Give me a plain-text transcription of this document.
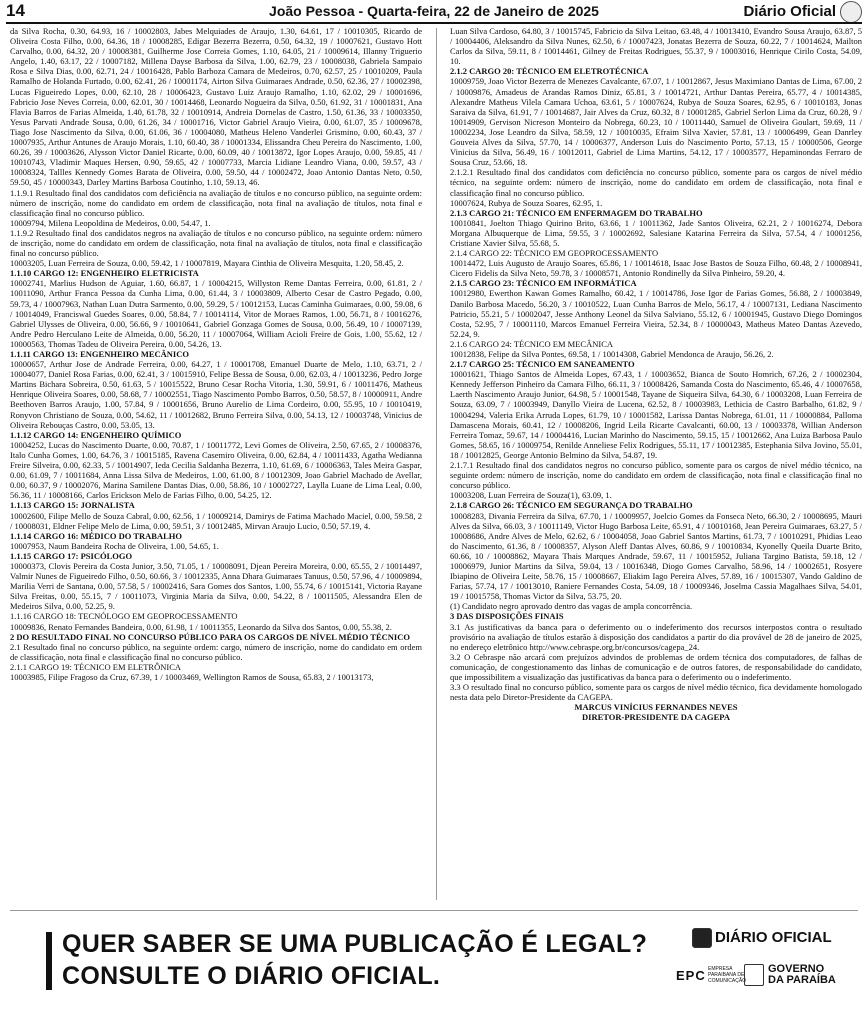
14	João Pessoa - Quarta-feira, 22 de Janeiro de 2025	Diário Oficial

da Silva Rocha, 0.30, 64.93, 16 / 10002803, Jabes Melquiades de Araujo, 1.30, 64.61, 17 / 10010305, Ricardo de Oliveira Costa Filho, 0.00, 64.36, 18 / 10008285, Edigar Bezerra Bezerra, 0.50, 64.32, 19 / 10007621, Gustavo Hott Carvalho, 0.00, 64.32, 20 / 10008381, Guilherme Jose Correia Gomes, 1.10, 64.05, 21 / 10009614, Illanny Triguerio Angelo, 1.40, 63.17, 22 / 10007182, Millena Dayse Barbosa da Silva, 1.00, 62.79, 23 / 10008038, Gabriela Sampaio Rosa e Silva Dias, 0.00, 62.71, 24 / 10016428, Pablo Barboza Camara de Medeiros, 0.70, 62.57, 25 / 10010209, Paula Ramalho de Holanda Furtado, 0.00, 62.41, 26 / 10001174, Airton Silva Guimaraes Andrade, 0.50, 62.36, 27 / 10002398, Lucas Figueiredo Lopes, 0.00, 62.10, 28 / 10006423, Gustavo Luiz Araujo Ramalho, 1.10, 62.02, 29 / 10001696, Fabricio Jose Neves Correia, 0.00, 62.01, 30 / 10014468, Leonardo Nogueira da Silva, 0.50, 61.92, 31 / 10001831, Ana Flavia Barros de Farias Almeida, 1.40, 61.78, 32 / 10010914, Andreia Dornelas de Castro, 1.50, 61.36, 33 / 10003350, Yesus Parvati Andrade Sousa, 0.00, 61.26, 34 / 10001716, Victor Gabriel Araujo Vieira, 0.00, 61.07, 35 / 10009678, Tiago Jose Nascimento da Silva, 0.00, 61.06, 36 / 10004080, Matheus Heleno Vanderlei Grismino, 0.00, 60.43, 37 / 10007935, Arthur Antunes de Araujo Morais, 1.10, 60.40, 38 / 10001334, Elissandra Cheu Pereira do Nascimento, 1.00, 60.26, 39 / 10003626, Alysson Victor Daniel Ricarte, 0.00, 60.09, 40 / 10013872, Igor Lopes Araujo, 0.00, 59.85, 41 / 10010743, Vladimir Maques Hersen, 0.90, 59.65, 42 / 10007733, Marcia Lidiane Leandro Viana, 0.00, 59.57, 43 / 10008324, Tallles Kennedy Gomes Barata de Oliveira, 0.00, 59.50, 44 / 10002472, Joao Antonio Dantas Neto, 0.50, 59.50, 45 / 10000343, Darley Martins Barbosa Coutinho, 1.10, 59.13, 46.

1.1.9.1 Resultado final dos candidatos com deficiência na avaliação de títulos e no concurso público, na seguinte ordem: número de inscrição, nome do candidato em ordem de classificação, nota final na avaliação de títulos, nota final e classificação final no concurso público.

10009794, Milena Leopoldina de Medeiros, 0.00, 54.47, 1.

1.1.9.2 Resultado final dos candidatos negros na avaliação de títulos e no concurso público, na seguinte ordem: número de inscrição, nome do candidato em ordem de classificação, nota final na avaliação de títulos, nota final e classificação final no concurso público.

10003205, Luan Ferreira de Souza, 0.00, 59.42, 1 / 10007819, Mayara Cinthia de Oliveira Mesquita, 1.20, 58.45, 2.

1.1.10 CARGO 12: ENGENHEIRO ELETRICISTA

10002741, Marlius Hudson de Aguiar, 1.60, 66.87, 1 / 10004215, Willyston Reme Dantas Ferreira, 0.00, 61.81, 2 / 10011090, Arthur Franca Pessoa da Cunha Lima, 0.00, 61.44, 3 / 10003809, Alberto Cesar de Castro Pegado, 0.00, 59.73, 4 / 10007963, Nathan Luan Dutra Sarmento, 0.00, 59.29, 5 / 10012153, Lucas Caminha Guimaraes, 0.00, 59.08, 6 / 10014049, Franciswal Guedes Soares, 0.00, 58.84, 7 / 10014114, Vitor de Moraes Ramos, 1.00, 56.71, 8 / 10016276, Gabriel Ulysses de Oliveira, 0.00, 56.66, 9 / 10010641, Gabriel Gonzaga Gomes de Sousa, 0.00, 56.49, 10 / 10007139, Andre Pedro Herculano Leite de Almeida, 0.00, 56.20, 11 / 10007064, William Acioli Freire de Gois, 1.00, 55.62, 12 / 10000563, Thomas Tadeu de Oliveira Pereira, 0.00, 54.26, 13.

1.1.11 CARGO 13: ENGENHEIRO MECÂNICO

10000657, Arthur Jose de Andrade Ferreira, 0.00, 64.27, 1 / 10001708, Emanuel Duarte de Melo, 1.10, 63.71, 2 / 10004077, Daniel Rosa Farias, 0.00, 62.41, 3 / 10015910, Felipe Bessa de Sousa, 0.00, 62.03, 4 / 10013236, Pedro Jorge Martins Bichara Sobreira, 0.50, 61.63, 5 / 10015522, Bruno Cesar Rocha Vitoria, 1.30, 59.91, 6 / 10011476, Matheus Henrique Oliveira Soares, 0.00, 58.68, 7 / 10002551, Tiago Nascimento Pombo Barros, 0.50, 58.57, 8 / 10000911, Andre Beethoven Barros Araujo, 1.00, 57.84, 9 / 10001656, Bruno Aurelio de Lima Cordeiro, 0.00, 55.95, 10 / 10010419, Ronyvon Christiano de Souza, 0.00, 54.62, 11 / 10012682, Bruno Ferreira Silva, 0.00, 54.13, 12 / 10003748, Vinicius de Oliveira Rebouças Castro, 0.00, 53.05, 13.

1.1.12 CARGO 14: ENGENHEIRO QUÍMICO

10004252, Lucas do Nascimento Duarte, 0.00, 70.87, 1 / 10011772, Levi Gomes de Oliveira, 2.50, 67.65, 2 / 10008376, Italo Cunha Gomes, 1.00, 64.76, 3 / 10015185, Ravena Casemiro Oliveira, 0.00, 62.84, 4 / 10011433, Agatha Wedianna Freire Silveira, 0.00, 62.33, 5 / 10014907, Ieda Cecilia Saldanha Bezerra, 1.10, 61.69, 6 / 10006363, Tales Meira Gaspar, 0.00, 61.09, 7 / 10011684, Anna Lissa Silva de Medeiros, 1.00, 61.00, 8 / 10012309, Joao Gabriel Machado de Avellar, 0.00, 60.37, 9 / 10002076, Marina Samilene Dantas Dias, 0.00, 58.86, 10 / 10002727, Laylla Luane de Lima Leal, 0.00, 56.36, 11 / 10008166, Carlos Erickson Melo de Farias Filho, 0.00, 54.25, 12.

1.1.13 CARGO 15: JORNALISTA

10002600, Filipe Mello de Souza Cabral, 0.00, 62.56, 1 / 10009214, Damirys de Fatima Machado Maciel, 0.00, 59.58, 2 / 10008031, Eldner Felipe Melo de Lima, 0.00, 59.51, 3 / 10012485, Mirvan Araujo Lucio, 0.50, 57.19, 4.

1.1.14 CARGO 16: MÉDICO DO TRABALHO

10007953, Naum Bandeira Rocha de Oliveira, 1.00, 54.65, 1.

1.1.15 CARGO 17: PSICÓLOGO

10000373, Clovis Pereira da Costa Junior, 3.50, 71.05, 1 / 10008091, Djean Pereira Moreira, 0.00, 65.55, 2 / 10014497, Valmir Nunes de Figueiredo Filho, 0.50, 60.66, 3 / 10012335, Anna Dhara Guimaraes Tanuus, 0.50, 57.96, 4 / 10009894, Marilia Verri de Santana, 0.00, 57.58, 5 / 10002416, Sara Gomes dos Santos, 1.00, 55.74, 6 / 10015141, Victoria Rayane Silva Freitas, 0.00, 55.15, 7 / 10011073, Virginia Maria da Silva, 0.00, 54.22, 8 / 10011505, Alessandra Elen de Medeiros Silva, 0.00, 52.25, 9.

1.1.16 CARGO 18: TECNÓLOGO EM GEOPROCESSAMENTO

10009836, Renato Fernandes Bandeira, 0.00, 61.98, 1 / 10011355, Leonardo da Silva dos Santos, 0.00, 55.38, 2.

2 DO RESULTADO FINAL NO CONCURSO PÚBLICO PARA OS CARGOS DE NÍVEL MÉDIO TÉCNICO

2.1 Resultado final no concurso público, na seguinte ordem: cargo, número de inscrição, nome do candidato em ordem de classificação, nota final e classificação final no concurso público.

2.1.1 CARGO 19: TÉCNICO EM ELETRÔNICA

10003985, Filipe Fragoso da Cruz, 67.39, 1 / 10003469, Wellington Ramos de Sousa, 65.83, 2 / 10013173,

Luan Silva Cardoso, 64.80, 3 / 10015745, Fabricio da Silva Leitao, 63.48, 4 / 10013410, Evandro Sousa Araujo, 63.87, 5 / 10004406, Aleksandro da Silva Nunes, 62.50, 6 / 10007423, Jonatas Bezerra de Souza, 60.22, 7 / 10014624, Mailton Carlos da Silva, 59.11, 8 / 10014461, Gilney de Freitas Rodrigues, 55.37, 9 / 10003016, Henrique Cirilo Costa, 54.09, 10.

2.1.2 CARGO 20: TÉCNICO EM ELETROTÉCNICA

10009759, Joao Victor Bezerra de Menezes Cavalcante, 67.07, 1 / 10012867, Jesus Maximiano Dantas de Lima, 67.00, 2 / 10009876, Amadeus de Arandas Ramos Diniz, 65.81, 3 / 10014721, Arthur Dantas Pereira, 65.77, 4 / 10014385, Alexandre Matheus Vilela Camara Uchoa, 63.61, 5 / 10007624, Rubya de Souza Soares, 62.95, 6 / 10010183, Jonas Saraiva da Silva, 61.91, 7 / 10014687, Jair Alves da Cruz, 60.32, 8 / 10001285, Gabriel Serlon Lima da Cruz, 60.28, 9 / 10014909, Gervison Nicreson Monteiro da Nobrega, 60.23, 10 / 10011440, Samuel de Oliveira Goulart, 59.69, 11 / 10002234, Jose Leandro da Silva, 58.59, 12 / 10010035, Efraim Silva Xavier, 57.81, 13 / 10006499, Gean Danrley Gouveia Alves da Silva, 57.70, 14 / 10006377, Anderson Luis do Nascimento Porto, 57.13, 15 / 10000506, George Vinicius da Silva, 56.49, 16 / 10012011, Gabriel de Lima Martins, 54.12, 17 / 10003577, Hepaminondas Ferraro de Sousa Cruz, 53.66, 18.

2.1.2.1 Resultado final dos candidatos com deficiência no concurso público, somente para os cargos de nível médio técnico, na seguinte ordem: número de inscrição, nome do candidato em ordem de classificação, nota final e classificação final no concurso público.

10007624, Rubya de Souza Soares, 62.95, 1.

2.1.3 CARGO 21: TÉCNICO EM ENFERMAGEM DO TRABALHO

10010841, Joelton Thiago Quirino Brito, 63.66, 1 / 10011362, Jade Santos Oliveira, 62.21, 2 / 10016274, Debora Morgana Albuquerque de Lima, 59.55, 3 / 10002692, Salesiane Katarina Ferreira da Silva, 57.54, 4 / 10001256, Cristiane Xavier Silva, 55.68, 5.

2.1.4 CARGO 22: TÉCNICO EM GEOPROCESSAMENTO

10014472, Luis Augusto de Araujo Soares, 65.86, 1 / 10014618, Isaac Jose Bastos de Souza Filho, 60.48, 2 / 10008941, Cicero Fidelis da Silva Neto, 59.78, 3 / 10008571, Antonio Rondinelly da Silva Pinheiro, 59.20, 4.

2.1.5 CARGO 23: TÉCNICO EM INFORMÁTICA

10012980, Ewerthon Kawan Gomes Ramalho, 60.42, 1 / 10014786, Jose Igor de Farias Gomes, 56.88, 2 / 10003849, Danilo Barbosa Macedo, 56.20, 3 / 10010522, Luan Cunha Barros de Melo, 56.17, 4 / 10007131, Lediana Nascimento Patricio, 55.21, 5 / 10002047, Jesse Anthony Leonel da Silva Salviano, 55.12, 6 / 10001945, Gustavo Diego Domingos Costa, 52.95, 7 / 10001110, Marcos Emanuel Ferreira Vieira, 52.34, 8 / 10000043, Matheus Mateo Dantas Azevedo, 52.24, 9.

2.1.6 CARGO 24: TÉCNICO EM MECÂNICA

10012838, Felipe da Silva Pontes, 69.58, 1 / 10014308, Gabriel Mendonca de Araujo, 56.26, 2.

2.1.7 CARGO 25: TÉCNICO EM SANEAMENTO

10001621, Thiago Santos de Almeida Lopes, 67.43, 1 / 10003652, Bianca de Souto Homrich, 67.26, 2 / 10002304, Kennedy Jefferson Pinheiro da Camara Filho, 66.11, 3 / 10008426, Samanda Costa do Nascimento, 65.46, 4 / 10007658, Laerth Nascimento Araujo Junior, 64.98, 5 / 10001548, Tayane de Siqueira Silva, 64.30, 6 / 10003208, Luan Ferreira de Souza, 63.09, 7 / 10003949, Danyllo Vieira de Lucena, 62.52, 8 / 10003983, Lethicia de Castro Barbalho, 61.82, 9 / 10004294, Valeria Erika Arruda Lopes, 61.79, 10 / 10001582, Larissa Dantas Nobrega, 61.01, 11 / 10000884, Palloma Damascena Morais, 60.41, 12 / 10008206, Ingrid Leila Ricarte Cavalcanti, 60.00, 13 / 10003378, Willian Anderson Ferreira Tomaz, 59.67, 14 / 10004416, Lucian Marinho do Nascimento, 59.15, 15 / 10012662, Ana Luiza Barbosa Paulo Gomes, 58.65, 16 / 10009754, Renilde Anneliese Felix Rodrigues, 55.11, 17 / 10012385, Estephania Silva Jovino, 55.01, 18 / 10012825, George Antonio Belmino da Silva, 54.87, 19.

2.1.7.1 Resultado final dos candidatos negros no concurso público, somente para os cargos de nível médio técnico, na seguinte ordem: número de inscrição, nome do candidato em ordem de classificação, nota final e classificação final no concurso público.

10003208, Luan Ferreira de Souza(1), 63.09, 1.

2.1.8 CARGO 26: TÉCNICO EM SEGURANÇA DO TRABALHO

10008283, Divania Ferreira da Silva, 67.70, 1 / 10009957, Joelcio Gomes da Fonseca Neto, 66.30, 2 / 10008695, Mauri Alves da Silva, 66.03, 3 / 10011149, Victor Hugo Barbosa Leite, 65.91, 4 / 10010168, Jean Pereira Guimaraes, 63.27, 5 / 10008686, Andre Alves de Melo, 62.62, 6 / 10004058, Joao Gabriel Santos Martins, 61.73, 7 / 10010291, Phidias Leao do Nascimento, 61.36, 8 / 10008357, Alyson Aleff Dantas Alves, 60.86, 9 / 10010834, Kyonelly Queila Duarte Brito, 60.66, 10 / 10008862, Mayara Thais Marques Andrade, 59.67, 11 / 10015952, Juliana Targino Batista, 59.18, 12 / 10006979, Junior Martins da Silva, 59.04, 13 / 10016348, Diogo Gomes Carvalho, 58.96, 14 / 10002651, Rosyere Ibiapino de Oliveira Leite, 58.76, 15 / 10008667, Eliakim Iago Pereira Alves, 57.89, 16 / 10015307, Vando Galdino de Farias, 57.74, 17 / 10013010, Raniere Fernandes Costa, 54.09, 18 / 10009346, Joselma Cassia Magalhaes Silva, 54.01, 19 / 10015758, Thomas Victor da Silva, 53.75, 20.

(1) Candidato negro aprovado dentro das vagas de ampla concorrência.

3 DAS DISPOSIÇÕES FINAIS

3.1 As justificativas da banca para o deferimento ou o indeferimento dos recursos interpostos contra o resultado provisório na avaliação de títulos estarão à disposição dos candidatos a partir do dia provável de 28 de janeiro de 2025, no endereço eletrônico http://www.cebraspe.org.br/concursos/cagepa_24.

3.2 O Cebraspe não arcará com prejuízos advindos de problemas de ordem técnica dos computadores, de falhas de comunicação, de congestionamento das linhas de comunicação e de outros fatores, de responsabilidade do candidato, que impossibilitem a visualização das justificativas da banca para o deferimento ou o indeferimento.

3.3 O resultado final no concurso público, somente para os cargos de nível médio técnico, fica devidamente homologado nesta data pelo Diretor-Presidente da CAGEPA.

MARCUS VINÍCIUS FERNANDES NEVES

DIRETOR-PRESIDENTE DA CAGEPA

QUER SABER SE UMA PUBLICAÇÃO É LEGAL?
CONSULTE O DIÁRIO OFICIAL.
DIÁRIO OFICIAL
EPC EMPRESA PARAIBANA DE COMUNICAÇÃO
GOVERNO
DA PARAÍBA
